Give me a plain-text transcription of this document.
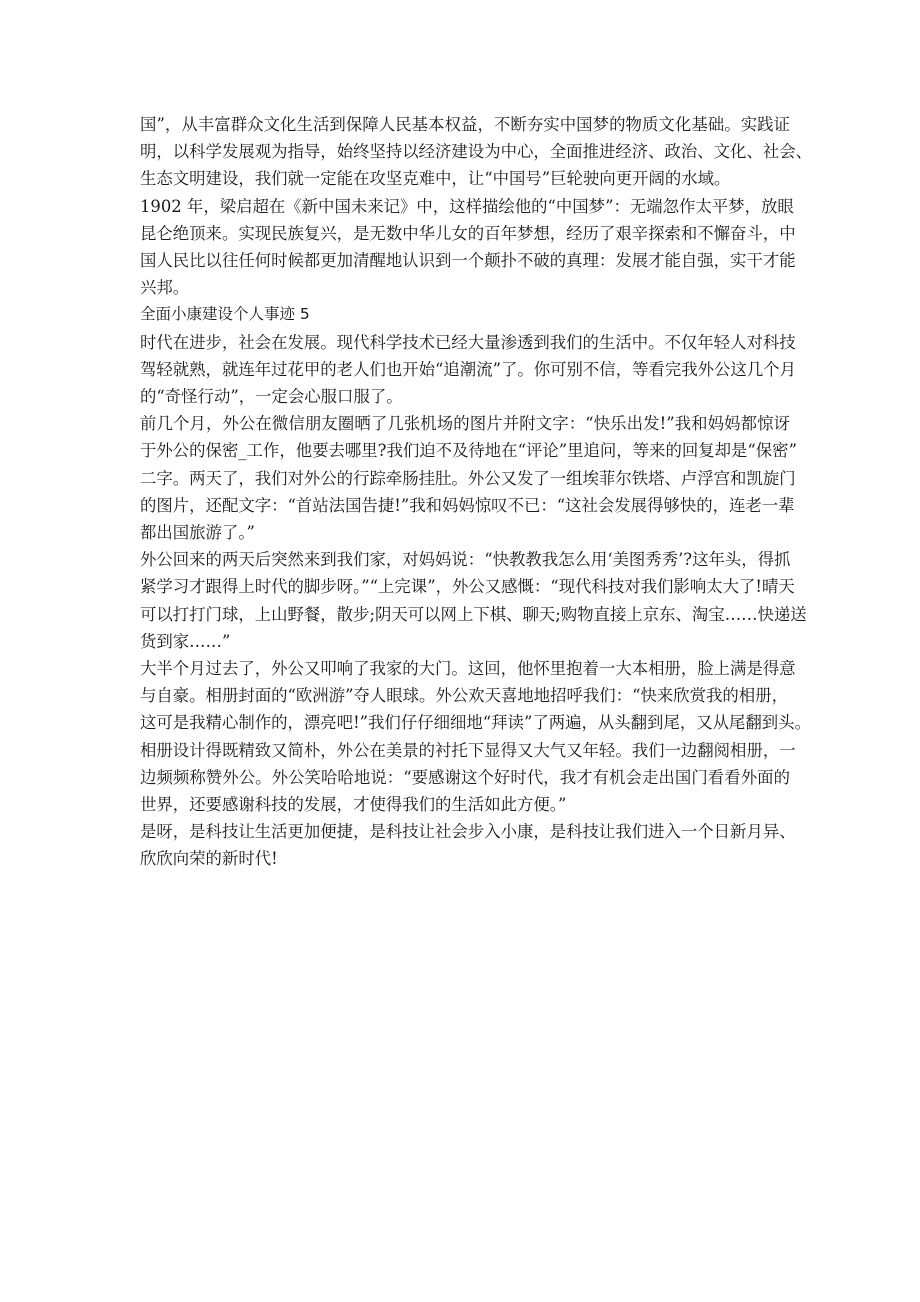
国”，从丰富群众文化生活到保障人民基本权益，不断夯实中国梦的物质文化基础。实践证
明，以科学发展观为指导，始终坚持以经济建设为中心，全面推进经济、政治、文化、社会、
生态文明建设，我们就一定能在攻坚克难中，让“中国号”巨轮驶向更开阔的水域。
1902 年，梁启超在《新中国未来记》中，这样描绘他的“中国梦”：无端忽作太平梦，放眼
昆仑绝顶来。实现民族复兴，是无数中华儿女的百年梦想，经历了艰辛探索和不懈奋斗，中
国人民比以往任何时候都更加清醒地认识到一个颠扑不破的真理：发展才能自强，实干才能
兴邦。
全面小康建设个人事迹 5
时代在进步，社会在发展。现代科学技术已经大量渗透到我们的生活中。不仅年轻人对科技
驾轻就熟，就连年过花甲的老人们也开始“追潮流”了。你可别不信，等看完我外公这几个月
的“奇怪行动”，一定会心服口服了。
前几个月，外公在微信朋友圈晒了几张机场的图片并附文字：“快乐出发!”我和妈妈都惊讶
于外公的保密_工作，他要去哪里?我们迫不及待地在“评论”里追问，等来的回复却是“保密”
二字。两天了，我们对外公的行踪牵肠挂肚。外公又发了一组埃菲尔铁塔、卢浮宫和凯旋门
的图片，还配文字：“首站法国告捷!”我和妈妈惊叹不已：“这社会发展得够快的，连老一辈
都出国旅游了。”
外公回来的两天后突然来到我们家，对妈妈说：“快教教我怎么用‘美图秀秀’?这年头，得抓
紧学习才跟得上时代的脚步呀。”“上完课”，外公又感慨：“现代科技对我们影响太大了!晴天
可以打打门球，上山野餐，散步;阴天可以网上下棋、聊天;购物直接上京东、淘宝……快递送
货到家……”
大半个月过去了，外公又叩响了我家的大门。这回，他怀里抱着一大本相册，脸上满是得意
与自豪。相册封面的“欧洲游”夺人眼球。外公欢天喜地地招呼我们：“快来欣赏我的相册，
这可是我精心制作的，漂亮吧!”我们仔仔细细地“拜读”了两遍，从头翻到尾，又从尾翻到头。
相册设计得既精致又简朴，外公在美景的衬托下显得又大气又年轻。我们一边翻阅相册，一
边频频称赞外公。外公笑哈哈地说：“要感谢这个好时代，我才有机会走出国门看看外面的
世界，还要感谢科技的发展，才使得我们的生活如此方便。”
是呀，是科技让生活更加便捷，是科技让社会步入小康，是科技让我们进入一个日新月异、
欣欣向荣的新时代!
